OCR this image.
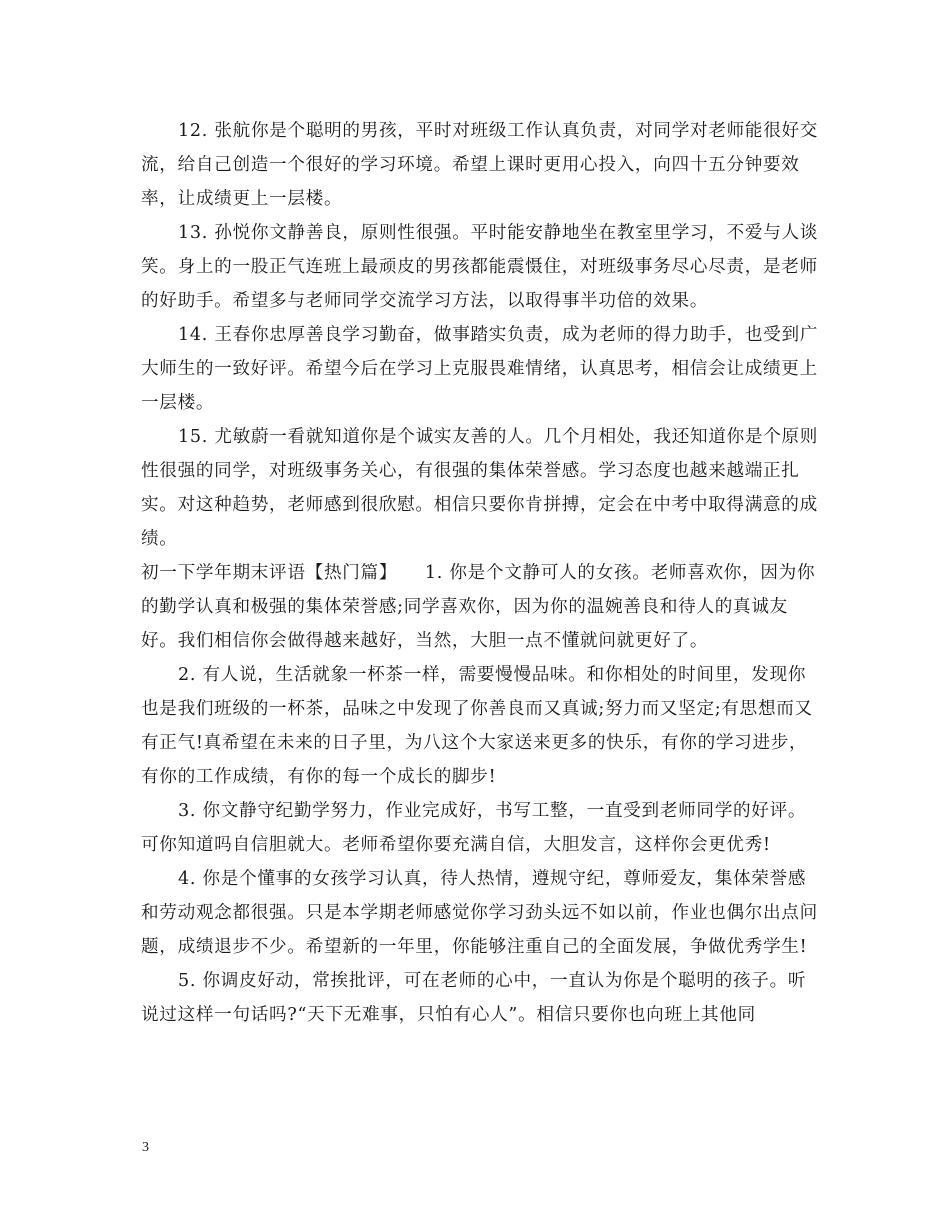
12. 张航你是个聪明的男孩，平时对班级工作认真负责，对同学对老师能很好交流，给自己创造一个很好的学习环境。希望上课时更用心投入，向四十五分钟要效率，让成绩更上一层楼。

13. 孙悦你文静善良，原则性很强。平时能安静地坐在教室里学习，不爱与人谈笑。身上的一股正气连班上最顽皮的男孩都能震慑住，对班级事务尽心尽责，是老师的好助手。希望多与老师同学交流学习方法，以取得事半功倍的效果。

14. 王春你忠厚善良学习勤奋，做事踏实负责，成为老师的得力助手，也受到广大师生的一致好评。希望今后在学习上克服畏难情绪，认真思考，相信会让成绩更上一层楼。

15. 尤敏蔚一看就知道你是个诚实友善的人。几个月相处，我还知道你是个原则性很强的同学，对班级事务关心，有很强的集体荣誉感。学习态度也越来越端正扎实。对这种趋势，老师感到很欣慰。相信只要你肯拼搏，定会在中考中取得满意的成绩。

初一下学年期末评语【热门篇】　　1. 你是个文静可人的女孩。老师喜欢你，因为你的勤学认真和极强的集体荣誉感;同学喜欢你，因为你的温婉善良和待人的真诚友好。我们相信你会做得越来越好，当然，大胆一点不懂就问就更好了。

2. 有人说，生活就象一杯茶一样，需要慢慢品味。和你相处的时间里，发现你也是我们班级的一杯茶，品味之中发现了你善良而又真诚;努力而又坚定;有思想而又有正气!真希望在未来的日子里，为八这个大家送来更多的快乐，有你的学习进步，有你的工作成绩，有你的每一个成长的脚步!

3. 你文静守纪勤学努力，作业完成好，书写工整，一直受到老师同学的好评。可你知道吗自信胆就大。老师希望你要充满自信，大胆发言，这样你会更优秀!

4. 你是个懂事的女孩学习认真，待人热情，遵规守纪，尊师爱友，集体荣誉感和劳动观念都很强。只是本学期老师感觉你学习劲头远不如以前，作业也偶尔出点问题，成绩退步不少。希望新的一年里，你能够注重自己的全面发展，争做优秀学生!

5. 你调皮好动，常挨批评，可在老师的心中，一直认为你是个聪明的孩子。听说过这样一句话吗?“天下无难事，只怕有心人”。相信只要你也向班上其他同

3
